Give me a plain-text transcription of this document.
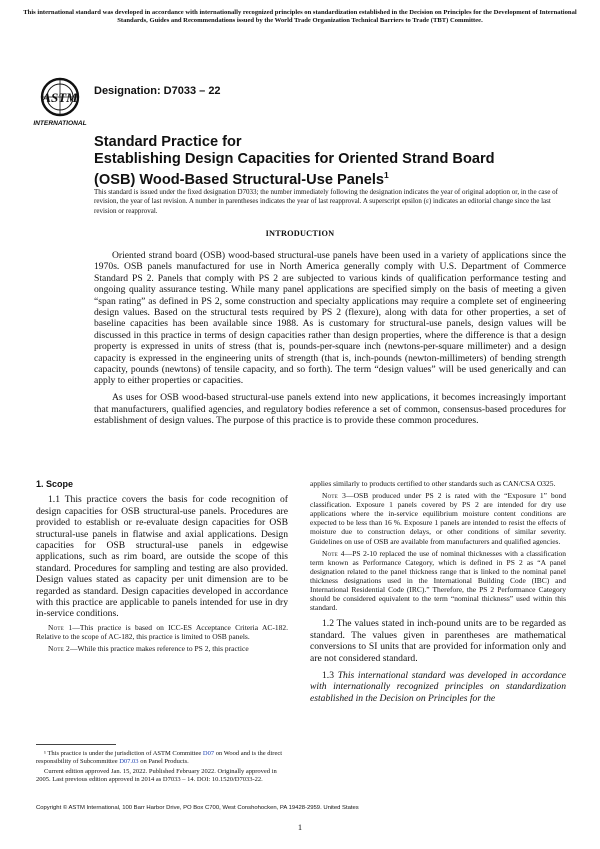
This international standard was developed in accordance with internationally recognized principles on standardization established in the Decision on Principles for the Development of International Standards, Guides and Recommendations issued by the World Trade Organization Technical Barriers to Trade (TBT) Committee.
ASTM
INTERNATIONAL
Designation: D7033 – 22
Standard Practice for
Establishing Design Capacities for Oriented Strand Board
(OSB) Wood-Based Structural-Use Panels$^1$
This standard is issued under the fixed designation D7033; the number immediately following the designation indicates the year of original adoption or, in the case of revision, the year of last revision. A number in parentheses indicates the year of last reapproval. A superscript epsilon (ε) indicates an editorial change since the last revision or reapproval.
INTRODUCTION

Oriented strand board (OSB) wood-based structural-use panels have been used in a variety of applications since the 1970s. OSB panels manufactured for use in North America generally comply with U.S. Department of Commerce Standard PS 2. Panels that comply with PS 2 are subjected to various kinds of qualification performance testing and ongoing quality assurance testing. While many panel applications are specified simply on the basis of meeting a given “span rating” as defined in PS 2, some construction and specialty applications may require a complete set of engineering design values. Based on the structural tests required by PS 2 (flexure), along with data for other properties, a set of baseline capacities has been available since 1988. As is customary for structural-use panels, design values will be discussed in this practice in terms of design capacities rather than design properties, where the difference is that a design property is expressed in units of stress (that is, pounds-per-square inch (newtons-per-square millimeter) and a design capacity is expressed in the engineering units of strength (that is, inch-pounds (newton-millimeters) of bending strength capacity, pounds (newtons) of tensile capacity, and so forth). The term “design values” will be used generically and can apply to either properties or capacities.

As uses for OSB wood-based structural-use panels extend into new applications, it becomes increasingly important that manufacturers, qualified agencies, and regulatory bodies reference a set of common, consensus-based procedures for establishment of design values. The purpose of this practice is to provide these common procedures.

1. Scope

1.1 This practice covers the basis for code recognition of design capacities for OSB structural-use panels. Procedures are provided to establish or re-evaluate design capacities for OSB structural-use panels in flatwise and axial applications. Design capacities for OSB structural-use panels in edgewise applications, such as rim board, are outside the scope of this standard. Procedures for sampling and testing are also provided. Design values stated as capacity per unit dimension are to be regarded as standard. Design capacities developed in accordance with this practice are applicable to panels intended for use in dry in-service conditions.

Note 1—This practice is based on ICC-ES Acceptance Criteria AC-182. Relative to the scope of AC-182, this practice is limited to OSB panels.

Note 2—While this practice makes reference to PS 2, this practice

applies similarly to products certified to other standards such as CAN/CSA O325.

Note 3—OSB produced under PS 2 is rated with the “Exposure 1” bond classification. Exposure 1 panels covered by PS 2 are intended for dry use applications where the in-service equilibrium moisture content conditions are expected to be less than 16 %. Exposure 1 panels are intended to resist the effects of moisture due to construction delays, or other conditions of similar severity. Guidelines on use of OSB are available from manufacturers and qualified agencies.

Note 4—PS 2-10 replaced the use of nominal thicknesses with a classification term known as Performance Category, which is defined in PS 2 as “A panel designation related to the panel thickness range that is linked to the nominal panel thickness designations used in the International Building Code (IBC) and International Residential Code (IRC).” Therefore, the PS 2 Performance Category should be considered equivalent to the term “nominal thickness” used within this standard.

1.2 The values stated in inch-pound units are to be regarded as standard. The values given in parentheses are mathematical conversions to SI units that are provided for information only and are not considered standard.

1.3 This international standard was developed in accordance with internationally recognized principles on standardization established in the Decision on Principles for the

¹ This practice is under the jurisdiction of ASTM Committee D07 on Wood and is the direct responsibility of Subcommittee D07.03 on Panel Products.

Current edition approved Jan. 15, 2022. Published February 2022. Originally approved in 2005. Last previous edition approved in 2014 as D7033 – 14. DOI: 10.1520/D7033-22.

Copyright © ASTM International, 100 Barr Harbor Drive, PO Box C700, West Conshohocken, PA 19428-2959. United States
1
